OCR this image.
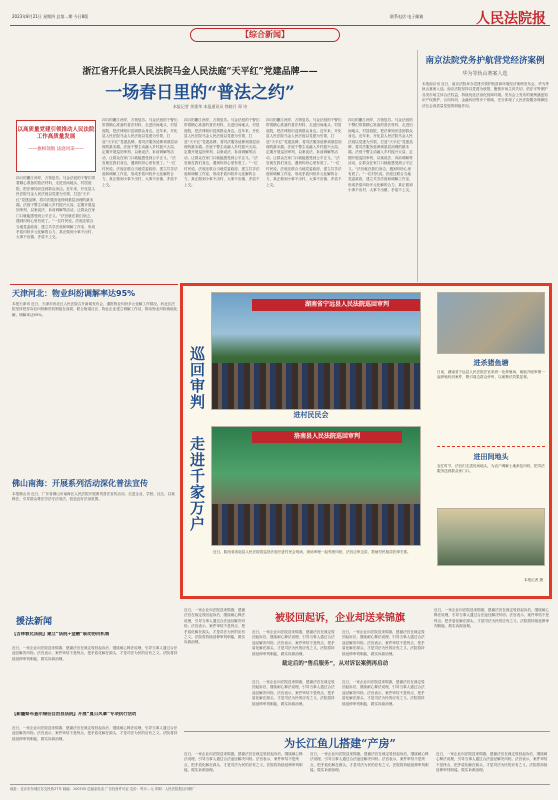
2023年8月21日 星期四 总第…期 今日8版	联系电话 电子邮箱	人民法院报
【综合新闻】
浙江省开化县人民法院马金人民法庭“天平红”党建品牌——
一场春日里的“普法之约”
本报记者 余建华 本报通讯员 徐晓月 郑 诗
以高质量党建引领推动人民法院工作高质量发展
——旗帜领航 法庭风采——
四月的衢江两岸，万物复苏。马金法庭的干警们带着精心准备的普法材料，走进田间地头、村居庭院，把法律知识送到群众身边。近年来，开化县人民法院马金人民法庭以党建为引领，打造“天平红”党建品牌，将司法服务延伸到基层治理的最末端。法庭干警主动融入乡村振兴大局，定期开展巡回审判、以案说法、诉前调解等活动，让群众在家门口就能感受到公平正义。“法官就在我们身边，遇到纠纷心里有底了。”一位村民说。法庭还联合当地党委政府，建立共享法庭和调解工作室，形成矛盾纠纷多元化解的合力，真正做到小事不出村、大事不出镇、矛盾不上交。
四月的衢江两岸，万物复苏。马金法庭的干警们带着精心准备的普法材料，走进田间地头、村居庭院，把法律知识送到群众身边。近年来，开化县人民法院马金人民法庭以党建为引领，打造“天平红”党建品牌，将司法服务延伸到基层治理的最末端。法庭干警主动融入乡村振兴大局，定期开展巡回审判、以案说法、诉前调解等活动，让群众在家门口就能感受到公平正义。“法官就在我们身边，遇到纠纷心里有底了。”一位村民说。法庭还联合当地党委政府，建立共享法庭和调解工作室，形成矛盾纠纷多元化解的合力，真正做到小事不出村、大事不出镇、矛盾不上交。
四月的衢江两岸，万物复苏。马金法庭的干警们带着精心准备的普法材料，走进田间地头、村居庭院，把法律知识送到群众身边。近年来，开化县人民法院马金人民法庭以党建为引领，打造“天平红”党建品牌，将司法服务延伸到基层治理的最末端。法庭干警主动融入乡村振兴大局，定期开展巡回审判、以案说法、诉前调解等活动，让群众在家门口就能感受到公平正义。“法官就在我们身边，遇到纠纷心里有底了。”一位村民说。法庭还联合当地党委政府，建立共享法庭和调解工作室，形成矛盾纠纷多元化解的合力，真正做到小事不出村、大事不出镇、矛盾不上交。
四月的衢江两岸，万物复苏。马金法庭的干警们带着精心准备的普法材料，走进田间地头、村居庭院，把法律知识送到群众身边。近年来，开化县人民法院马金人民法庭以党建为引领，打造“天平红”党建品牌，将司法服务延伸到基层治理的最末端。法庭干警主动融入乡村振兴大局，定期开展巡回审判、以案说法、诉前调解等活动，让群众在家门口就能感受到公平正义。“法官就在我们身边，遇到纠纷心里有底了。”一位村民说。法庭还联合当地党委政府，建立共享法庭和调解工作室，形成矛盾纠纷多元化解的合力，真正做到小事不出村、大事不出镇、矛盾不上交。
四月的衢江两岸，万物复苏。马金法庭的干警们带着精心准备的普法材料，走进田间地头、村居庭院，把法律知识送到群众身边。近年来，开化县人民法院马金人民法庭以党建为引领，打造“天平红”党建品牌，将司法服务延伸到基层治理的最末端。法庭干警主动融入乡村振兴大局，定期开展巡回审判、以案说法、诉前调解等活动，让群众在家门口就能感受到公平正义。“法官就在我们身边，遇到纠纷心里有底了。”一位村民说。法庭还联合当地党委政府，建立共享法庭和调解工作室，形成矛盾纠纷多元化解的合力，真正做到小事不出村、大事不出镇、矛盾不上交。
南京法院党务护航营党经济案例
华为等轨山赛案人选
本报南京讯 近日，南京法院举办党建引领护航营商环境经济案例发布会，华为等轨山赛案入选。南京法院坚持以党建为统领，聚焦市场主体关切，依法平等保护各类市场主体合法权益，持续优化法治化营商环境。发布会上发布的案例涵盖知识产权保护、合同纠纷、金融纠纷等多个领域，充分体现了人民法院服务保障经济社会高质量发展的职能作用。
天津河北：物业纠纷调解率达95%
本报天津讯 近日，天津市河北区人民法院召开新闻发布会，通报物业纠纷多元化解工作情况。河北区法院坚持把非诉讼纠纷解决机制挺在前面，联合街道社区、物业企业建立调解工作站，推动物业纠纷就地化解，调解率达95%。
佛山南海：开展系列活动深化普法宣传
本报佛山讯 近日，广东省佛山市南海区人民法院开展系列普法宣传活动，走进企业、学校、社区，以案释法，引导群众尊法学法守法用法，营造良好法治氛围。
巡回审判
走进千家万户
湖南省宁远县人民法院巡回审判
洛南县人民法院巡回审判
进杀猪鱼塘
日前，湖南省宁远县人民法院法官来到一处养殖场，就地开庭审理一起养殖纠纷案件，吸引周边群众旁听，以案释法效果显著。
进村民民会
近日，陕西省洛南县人民法院将巡回法庭开进村民会现场，现场审理一起邻里纠纷，法官边审边讲，帮助村民厘清法律关系。
进田间地头
农忙时节，法官们走进田间地头，为农户调解土地承包纠纷，把司法服务送到群众家门口。
本报记者 摄
援法新闻
【吉林敦化法院】建立“法院+金融”联动协同机制
近日，一家企业向法院送来锦旗，感谢法官在裁定驳回起诉后，继续耐心释法说理，引导当事人通过合法途径解决纠纷。法官表示，案件审结不是终点，把矛盾化解在源头，才是司法为民的应有之义。法院将持续延伸审判职能，做实诉源治理。
【新疆察布查尔锡伯自治县法院】开展“夏日风暴”专项执行活动
近日，一家企业向法院送来锦旗，感谢法官在裁定驳回起诉后，继续耐心释法说理，引导当事人通过合法途径解决纠纷。法官表示，案件审结不是终点，把矛盾化解在源头，才是司法为民的应有之义。法院将持续延伸审判职能，做实诉源治理。
近日，一家企业向法院送来锦旗，感谢法官在裁定驳回起诉后，继续耐心释法说理，引导当事人通过合法途径解决纠纷。法官表示，案件审结不是终点，把矛盾化解在源头，才是司法为民的应有之义。法院将持续延伸审判职能，做实诉源治理。
被驳回起诉，企业却送来锦旗
近日，一家企业向法院送来锦旗，感谢法官在裁定驳回起诉后，继续耐心释法说理，引导当事人通过合法途径解决纠纷。法官表示，案件审结不是终点，把矛盾化解在源头，才是司法为民的应有之义。法院将持续延伸审判职能，做实诉源治理。
近日，一家企业向法院送来锦旗，感谢法官在裁定驳回起诉后，继续耐心释法说理，引导当事人通过合法途径解决纠纷。法官表示，案件审结不是终点，把矛盾化解在源头，才是司法为民的应有之义。法院将持续延伸审判职能，做实诉源治理。
裁定后的“售后服务”，从对诉讼案例再启动
近日，一家企业向法院送来锦旗，感谢法官在裁定驳回起诉后，继续耐心释法说理，引导当事人通过合法途径解决纠纷。法官表示，案件审结不是终点，把矛盾化解在源头，才是司法为民的应有之义。法院将持续延伸审判职能，做实诉源治理。
近日，一家企业向法院送来锦旗，感谢法官在裁定驳回起诉后，继续耐心释法说理，引导当事人通过合法途径解决纠纷。法官表示，案件审结不是终点，把矛盾化解在源头，才是司法为民的应有之义。法院将持续延伸审判职能，做实诉源治理。
近日，一家企业向法院送来锦旗，感谢法官在裁定驳回起诉后，继续耐心释法说理，引导当事人通过合法途径解决纠纷。法官表示，案件审结不是终点，把矛盾化解在源头，才是司法为民的应有之义。法院将持续延伸审判职能，做实诉源治理。
为长江鱼儿搭建“产房”
近日，一家企业向法院送来锦旗，感谢法官在裁定驳回起诉后，继续耐心释法说理，引导当事人通过合法途径解决纠纷。法官表示，案件审结不是终点，把矛盾化解在源头，才是司法为民的应有之义。法院将持续延伸审判职能，做实诉源治理。
近日，一家企业向法院送来锦旗，感谢法官在裁定驳回起诉后，继续耐心释法说理，引导当事人通过合法途径解决纠纷。法官表示，案件审结不是终点，把矛盾化解在源头，才是司法为民的应有之义。法院将持续延伸审判职能，做实诉源治理。
近日，一家企业向法院送来锦旗，感谢法官在裁定驳回起诉后，继续耐心释法说理，引导当事人通过合法途径解决纠纷。法官表示，案件审结不是终点，把矛盾化解在源头，才是司法为民的应有之义。法院将持续延伸审判职能，做实诉源治理。
地址：北京市东城区东交民巷27号 邮编：100745 总编室电话 广告经营许可证 定价：每月…元 印刷：人民法院报社印刷厂
